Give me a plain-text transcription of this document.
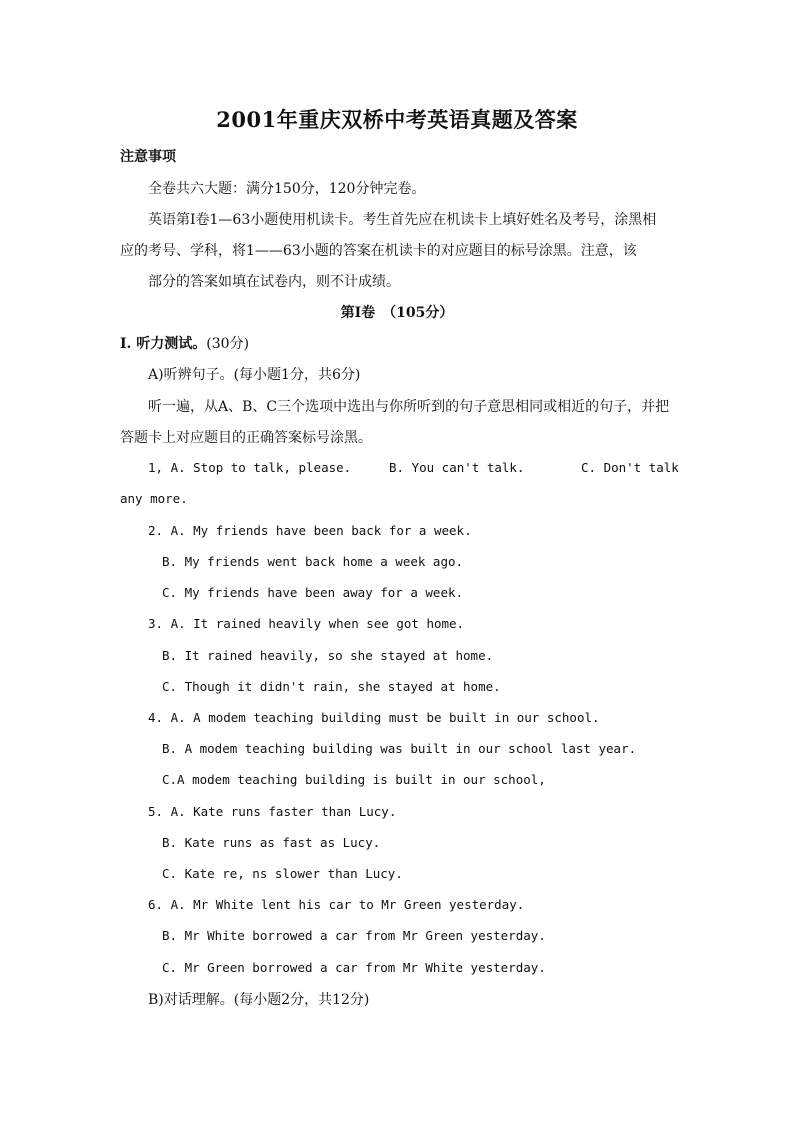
2001年重庆双桥中考英语真题及答案
注意事项
全卷共六大题：满分150分，120分钟完卷。
英语第Ⅰ卷1—63小题使用机读卡。考生首先应在机读卡上填好姓名及考号，涂黑相
应的考号、学科，将1——63小题的答案在机读卡的对应题目的标号涂黑。注意，该
部分的答案如填在试卷内，则不计成绩。
第Ⅰ卷　（105分）
I. 听力测试。(30分)
A)听辨句子。(每小题1分，共6分)
听一遍，从A、B、C三个选项中选出与你所听到的句子意思相同或相近的句子，并把
答题卡上对应题目的正确答案标号涂黑。
1, A. Stop to talk, please.	B. You can't talk.	C. Don't talk
any more.
2. A. My friends have been back for a week.
B. My friends went back home a week ago.
C. My friends have been away for a week.
3. A. It rained heavily when see got home.
B. It rained heavily, so she stayed at home.
C. Though it didn't rain, she stayed at home.
4. A. A modem teaching building must be built in our school.
B. A modem teaching building was built in our school last year.
C.A modem teaching building is built in our school,
5. A. Kate runs faster than Lucy.
B. Kate runs as fast as Lucy.
C. Kate re, ns slower than Lucy.
6. A. Mr White lent his car to Mr Green yesterday.
B. Mr White borrowed a car from Mr Green yesterday.
C. Mr Green borrowed a car from Mr White yesterday.
B)对话理解。(每小题2分，共12分)
